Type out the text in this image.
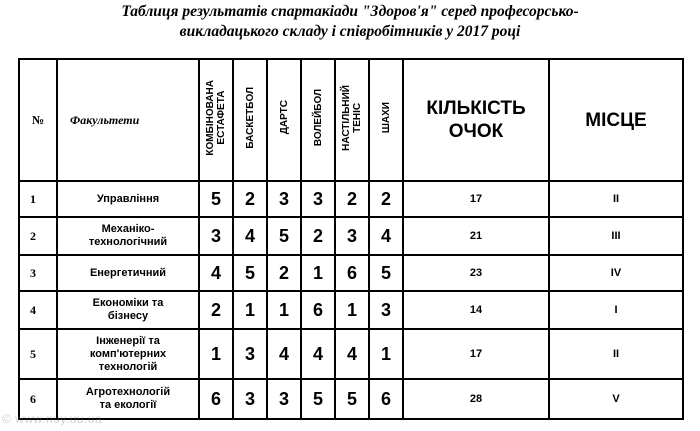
Таблиця результатів спартакіади "Здоров'я" серед професорсько-
викладацького складу і співробітників у 2017 році
№	Факультети	КОМБІНОВАНА
ЕСТАФЕТА	БАСКЕТБОЛ	ДАРТС	ВОЛЕЙБОЛ	НАСТІЛЬНИЙ
ТЕНІС	ШАХИ	КІЛЬКІСТЬ
ОЧОК	МІСЦЕ
1	Управління	5	2	3	3	2	2	17	II
2	Механіко-
технологічний	3	4	5	2	3	4	21	III
3	Енергетичний	4	5	2	1	6	5	23	IV
4	Економіки та
бізнесу	2	1	1	6	1	3	14	I
5	Інженерії та
комп'ютерних
технологій	1	3	4	4	4	1	17	II
6	Агротехнологій
та екології	6	3	3	5	5	6	28	V
© www.nuy.uu.ua
